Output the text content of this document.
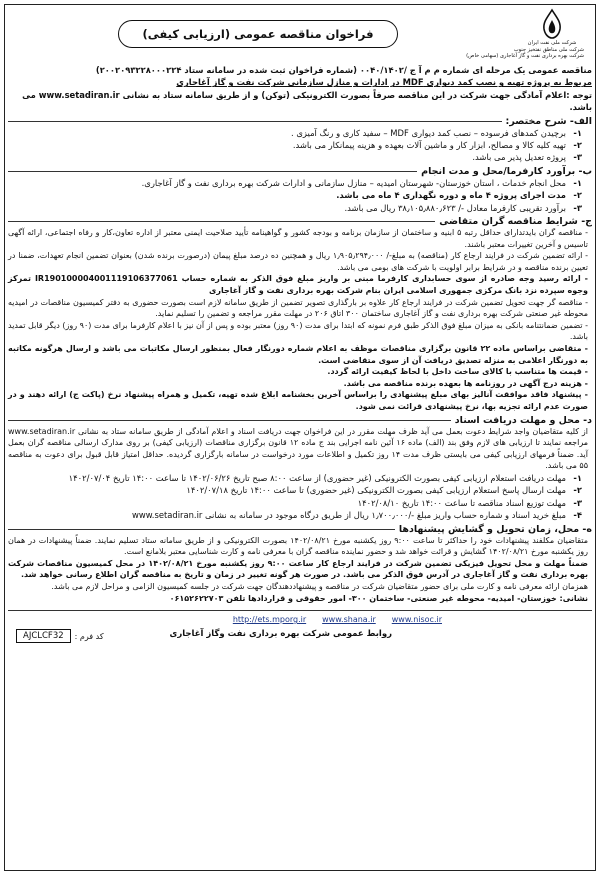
شرکت ملی نفت ایران
شرکت ملی مناطق نفتخیز جنوب
شرکت بهره برداری نفت و گاز آغاجاری (سهامی خاص)
فراخوان مناقصه عمومی (ارزیابی کیفی)

مناقصه عمومی یک مرحله ای شماره م م آ ج /۰۰۴۰/۱۴۰۲ (شماره فراخوان ثبت شده در سامانه ستاد ۲۰۰۲۰۹۳۲۲۸۰۰۰۲۲۴)

مربوط به پروژه تهیه و نصب کمد دیواری MDF در ادارات و منازل سازمانی شرکت نفت و گاز آغاجاری

توجه :اعلام آمادگی جهت شرکت در این مناقصه صرفاً بصورت الکترونیکی (توکن) و از طریق سامانه ستاد به نشانی www.setadiran.ir می باشد.

الف- شرح مختصر:
۱-
برچیدن کمدهای فرسوده – نصب کمد دیواری MDF – سفید کاری و رنگ آمیزی .
۲-
تهیه کلیه کالا و مصالح، ابزار کار و ماشین آلات بعهده و هزینه پیمانکار می باشد.
۳-
پروژه تعدیل پذیر می باشد.
ب- برآورد کارفرما/محل و مدت انجام
۱-
محل انجام خدمات ، استان خوزستان- شهرستان امیدیه – منازل سازمانی و ادارات شرکت بهره برداری نفت و گاز آغاجاری.
۲-
مدت اجرای پروژه ۴ ماه و دوره نگهداری ۴ ماه می باشد.
۳-
برآورد تقریبی کارفرما معادل -/ ۳۸٫۱۰۵٫۸۸۰٫۶۲۳ ریال می باشد.
ج- شرایط مناقصه گران متقاضی

- مناقصه گران بایدتدارای حداقل رتبه ۵ ابنیه و ساختمان از سازمان برنامه و بودجه کشور و گواهینامه تأیید صلاحیت ایمنی معتبر از اداره تعاون،کار و رفاه اجتماعی، ارائه آگهی تاسیس و آخرین تغییرات معتبر باشند.

- ارائه تضمین شرکت در فرایند ارجاع کار (مناقصه) به مبلغ-/ ۱٫۹۰۵٫۲۹۴٫۰۰۰ ریال و همچنین ده درصد مبلغ پیمان (درصورت برنده شدن) بعنوان تضمین انجام تعهدات، ضمنا در تعیین برنده مناقصه و در شرایط برابر اولویت با شرکت های بومی می باشد.

- ارائه رسید وجه صادره از سوی حسابداری کارفرما مبنی بر واریز مبلغ فوق الذکر به شماره حساب IR190100004001119106377061 تمرکز وجوه سپرده نزد بانک مرکزی جمهوری اسلامی ایران بنام شرکت بهره برداری نفت و گاز آغاجاری

- مناقصه گر جهت تحویل تضمین شرکت در فرایند ارجاع کار علاوه بر بارگذاری تصویر تضمین از طریق سامانه لازم است بصورت حضوری به دفتر کمیسیون مناقصات در امیدیه محوطه غیر صنعتی شرکت بهره برداری نفت و گاز آغاجاری ساختمان ۳۰۰ اتاق ۲۰۶ در مهلت مقرر مراجعه و تضمین را تسلیم نماید.

- تضمین ضمانتنامه بانکی به میزان مبلغ فوق الذکر طبق فرم نمونه که ابتدا برای مدت (۹۰ روز) معتبر بوده و پس از آن نیز با اعلام کارفرما برای مدت (۹۰ روز) دیگر قابل تمدید باشد.

- متقاضی براساس ماده ۲۲ قانون برگزاری مناقصات موظف به اعلام شماره دورنگار فعال بمنظور ارسال مکاتبات می باشد و ارسال هرگونه مکاتبه به دورنگار اعلامی به منزله تصدیق دریافت آن از سوی متقاضی است.

- قیمت ها متناسب با کالای ساخت داخل با لحاظ کیفیت ارائه گردد.

- هزینه درج آگهی در روزنامه ها بعهده برنده مناقصه می باشد.

- پیشنهاد فاقد موافقت آنالیز بهای مبلغ پیشنهادی را براساس آخرین بخشنامه ابلاغ شده تهیه، تکمیل و همراه پیشنهاد نرخ (پاکت ج) ارائه دهند و در صورت عدم ارائه تجزیه بها، نرخ پیشنهادی قرائت نمی شود.

د- محل و مهلت دریافت اسناد

از کلیه متقاضیان واجد شرایط دعوت بعمل می آید ظرف مهلت مقرر در این فراخوان جهت دریافت اسناد و اعلام آمادگی از طریق سامانه ستاد به نشانی www.setadiran.ir مراجعه نمایند تا ارزیابی های لازم وفق بند (الف) ماده ۱۶ آئین نامه اجرایی بند ج ماده ۱۲ قانون برگزاری مناقصات (ارزیابی کیفی) بر روی مدارک ارسالی مناقصه گران بعمل آید. ضمناً فرمهای ارزیابی کیفی می بایستی ظرف مدت ۱۴ روز تکمیل و اطلاعات مورد درخواست در سامانه بارگزاری گردیده. حداقل امتیاز قابل قبول برای دعوت به مناقصه ۵۵ می باشد.

۱-
مهلت دریافت استعلام ارزیابی کیفی بصورت الکترونیکی (غیر حضوری) از ساعت ۸:۰۰ صبح تاریخ ۱۴۰۲/۰۶/۲۶ تا ساعت ۱۴:۰۰ تاریخ ۱۴۰۲/۰۷/۰۴
۲-
مهلت ارسال پاسخ استعلام ارزیابی کیفی بصورت الکترونیکی (غیر حضوری) تا ساعت ۱۴:۰۰ تاریخ ۱۴۰۲/۰۷/۱۸
۳-
مهلت توزیع اسناد مناقصه تا ساعت ۱۴:۰۰ تاریخ ۱۴۰۲/۰۸/۱۰
۴-
مبلغ خرید اسناد و شماره حساب واریز مبلغ -/۱٫۷۰۰٫۰۰۰ ریال از طریق درگاه موجود در سامانه به نشانی www.setadiran.ir
ه- محل، زمان تحویل و گشایش پیشنهادها

متقاضیان مکلفند پیشنهادات خود را حداکثر تا ساعت ۹:۰۰ روز یکشنبه مورخ ۱۴۰۲/۰۸/۲۱ بصورت الکترونیکی و از طریق سامانه ستاد تسلیم نمایند. ضمناً پیشنهادات در همان روز یکشنبه مورخ ۱۴۰۲/۰۸/۲۱ گشایش و قرائت خواهد شد و حضور نماینده مناقصه گران با معرفی نامه و کارت شناسایی معتبر بلامانع است.

ضمناً مهلت و محل تحویل فیزیکی تضمین شرکت در فرایند ارجاع کار ساعت ۹:۰۰ روز یکشنبه مورخ ۱۴۰۲/۰۸/۲۱ در محل کمیسیون مناقصات شرکت بهره برداری نفت و گاز آغاجاری در آدرس فوق الذکر می باشد. در صورت هر گونه تغییر در زمان و تاریخ به مناقصه گران اطلاع رسانی خواهد شد.

همزمان ارائه معرفی نامه و کارت ملی برای حضور متقاضیان شرکت در مناقصه و پیشنهاددهندگان جهت شرکت در جلسه کمیسیون الزامی و مراحل لازم می باشد.

نشانی: خوزستان- امیدیه- محوطه غیر صنعتی- ساختمان ۳۰۰- امور حقوقی و قراردادها تلفن ۰۶۱۵۲۶۲۲۷۰۳

http://ets.mporg.ir www.shana.ir www.nisoc.ir
روابط عمومی شرکت بهره برداری نفت وگاز آغاجاری
کد فرم :
AJCLCF32
